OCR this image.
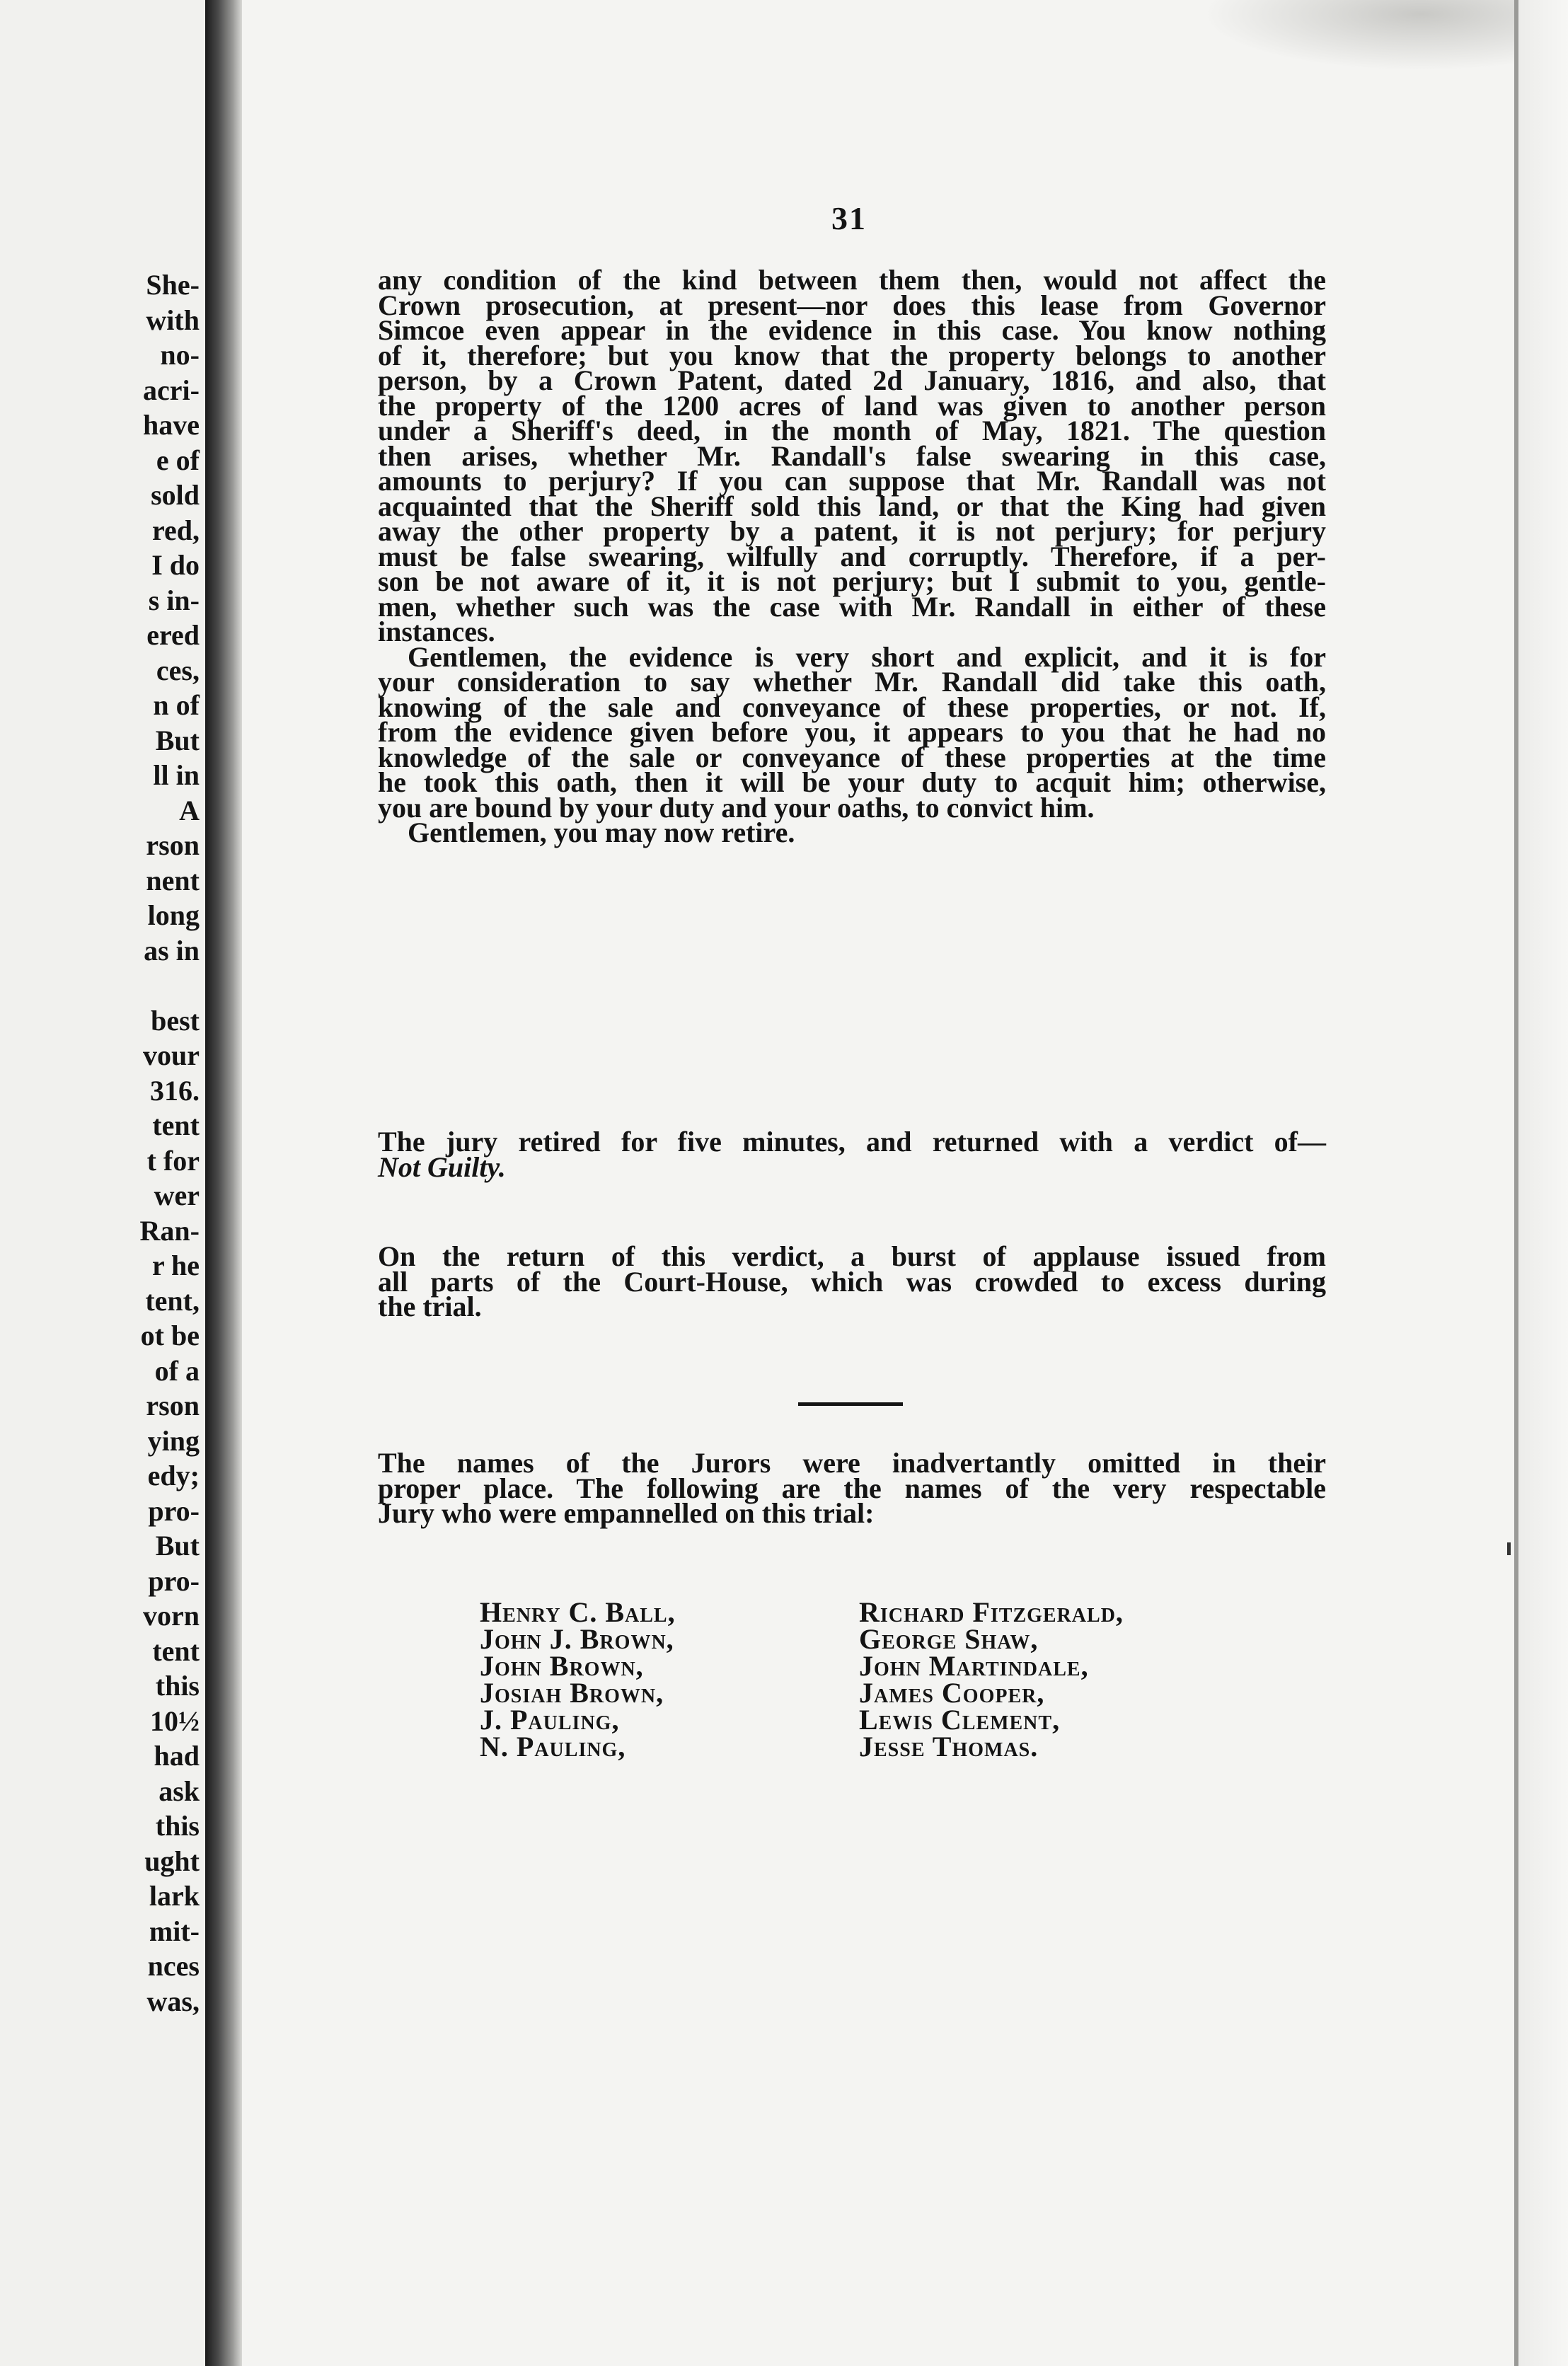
She-
with
no-
acri-
have
e of
sold
red,
I do
s in-
ered
ces,
n of
But
ll in
A
rson
nent
long
as in

best
vour
316.
tent
t for
wer
Ran-
r he
tent,
ot be
of a
rson
ying
edy;
pro-
But
pro-
vorn
tent
this
10½
had
ask
this
ught
lark
mit-
nces
was,
31
any condition of the kind between them then, would not affect the
Crown prosecution, at present—nor does this lease from Governor
Simcoe even appear in the evidence in this case. You know nothing
of it, therefore; but you know that the property belongs to another
person, by a Crown Patent, dated 2d January, 1816, and also, that
the property of the 1200 acres of land was given to another person
under a Sheriff's deed, in the month of May, 1821. The question
then arises, whether Mr. Randall's false swearing in this case,
amounts to perjury? If you can suppose that Mr. Randall was not
acquainted that the Sheriff sold this land, or that the King had given
away the other property by a patent, it is not perjury; for perjury
must be false swearing, wilfully and corruptly. Therefore, if a per-
son be not aware of it, it is not perjury; but I submit to you, gentle-
men, whether such was the case with Mr. Randall in either of these
instances.
Gentlemen, the evidence is very short and explicit, and it is for
your consideration to say whether Mr. Randall did take this oath,
knowing of the sale and conveyance of these properties, or not. If,
from the evidence given before you, it appears to you that he had no
knowledge of the sale or conveyance of these properties at the time
he took this oath, then it will be your duty to acquit him; otherwise,
you are bound by your duty and your oaths, to convict him.
Gentlemen, you may now retire.
The jury retired for five minutes, and returned with a verdict of—
Not Guilty.
On the return of this verdict, a burst of applause issued from
all parts of the Court-House, which was crowded to excess during
the trial.
The names of the Jurors were inadvertantly omitted in their
proper place. The following are the names of the very respectable
Jury who were empannelled on this trial:
Henry C. Ball,
John J. Brown,
John Brown,
Josiah Brown,
J. Pauling,
N. Pauling,
Richard Fitzgerald,
George Shaw,
John Martindale,
James Cooper,
Lewis Clement,
Jesse Thomas.
